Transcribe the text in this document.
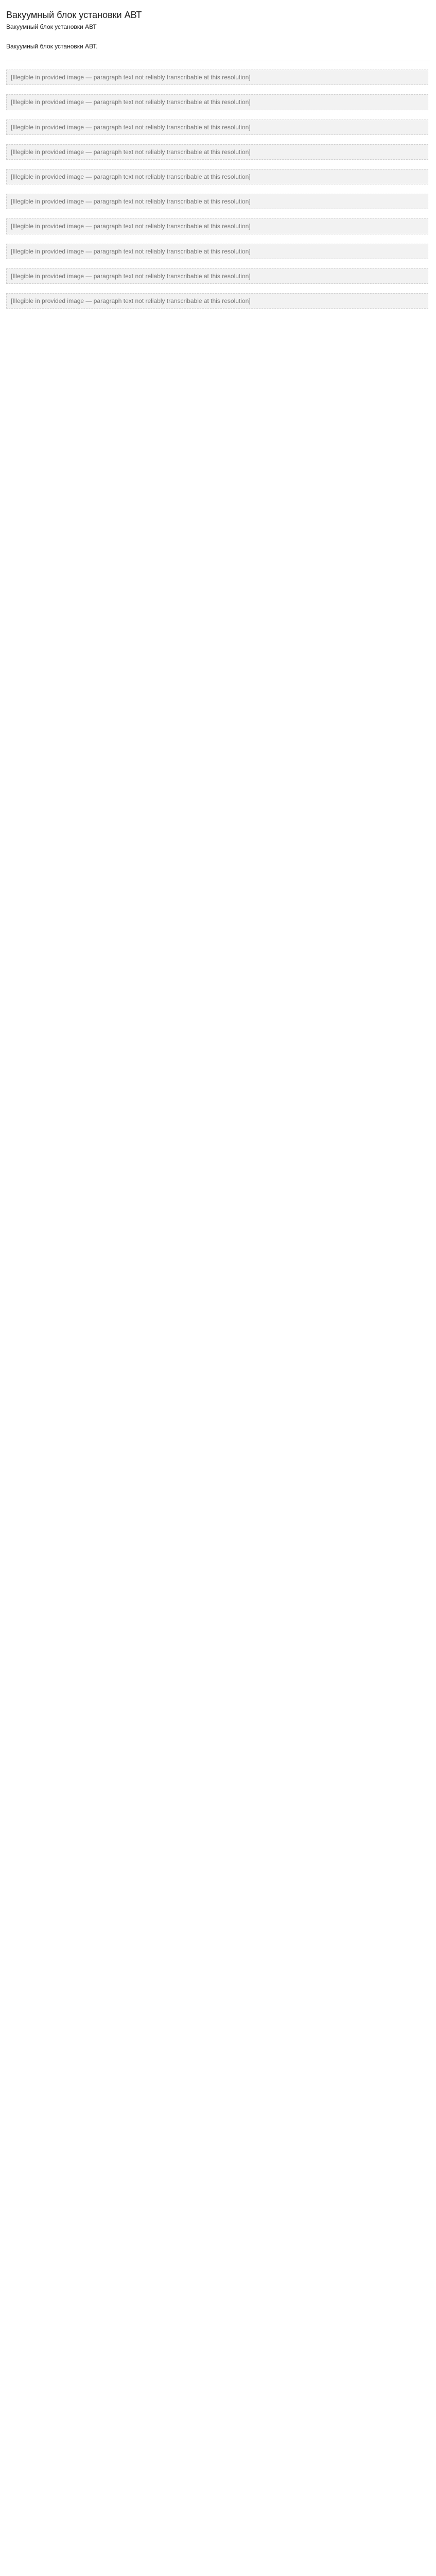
Вакуумный блок установки АВТ
Вакуумный блок установки АВТ
Вакуумный блок установки АВТ.
[Illegible in provided image — paragraph text not reliably transcribable at this resolution]
[Illegible in provided image — paragraph text not reliably transcribable at this resolution]
[Illegible in provided image — paragraph text not reliably transcribable at this resolution]
[Illegible in provided image — paragraph text not reliably transcribable at this resolution]
[Illegible in provided image — paragraph text not reliably transcribable at this resolution]
[Illegible in provided image — paragraph text not reliably transcribable at this resolution]
[Illegible in provided image — paragraph text not reliably transcribable at this resolution]
[Illegible in provided image — paragraph text not reliably transcribable at this resolution]
[Illegible in provided image — paragraph text not reliably transcribable at this resolution]
[Illegible in provided image — paragraph text not reliably transcribable at this resolution]
